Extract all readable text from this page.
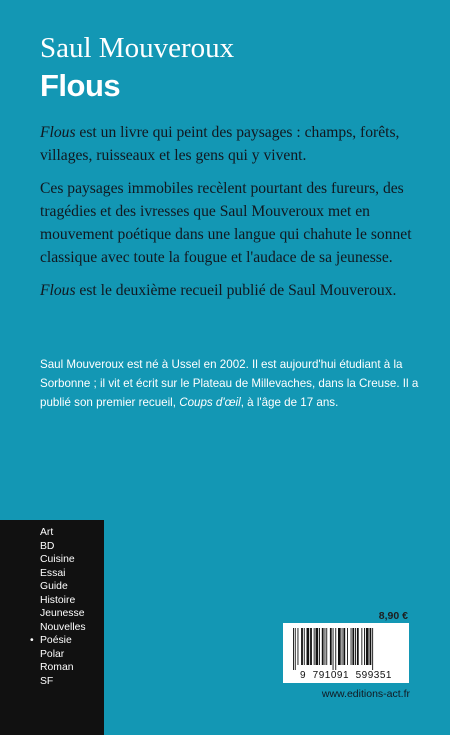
Saul Mouveroux
Flous

Flous est un livre qui peint des paysages : champs, forêts, villages, ruisseaux et les gens qui y vivent.

Ces paysages immobiles recèlent pourtant des fureurs, des tragédies et des ivresses que Saul Mouveroux met en mouvement poétique dans une langue qui chahute le sonnet classique avec toute la fougue et l'audace de sa jeunesse.

Flous est le deuxième recueil publié de Saul Mouveroux.

Saul Mouveroux est né à Ussel en 2002. Il est aujourd'hui étudiant à la Sorbonne ; il vit et écrit sur le Plateau de Millevaches, dans la Creuse. Il a publié son premier recueil, Coups d'œil, à l'âge de 17 ans.

Art
BD
Cuisine
Essai
Guide
Histoire
Jeunesse
Nouvelles
• Poésie
Polar
Roman
SF
8,90 €
9 791091 599351
www.editions-act.fr
